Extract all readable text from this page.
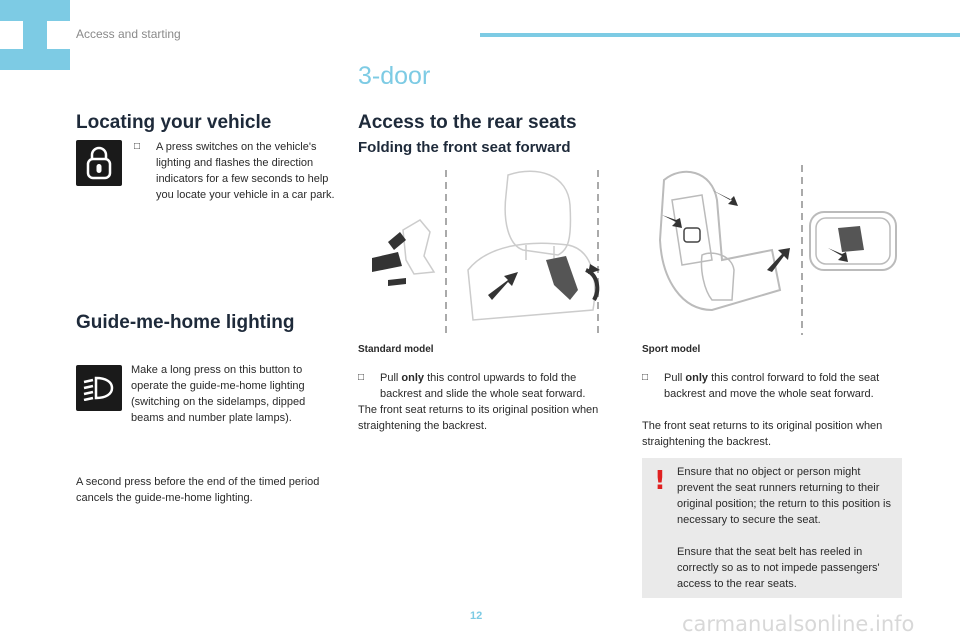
Access and starting
3-door
Locating your vehicle
□	A press switches on the vehicle's lighting and flashes the direction indicators for a few seconds to help you locate your vehicle in a car park.
Guide-me-home lighting
Make a long press on this button to operate the guide-me-home lighting (switching on the sidelamps, dipped beams and number plate lamps).
A second press before the end of the timed period cancels the guide-me-home lighting.
Access to the rear seats
Folding the front seat forward
Standard model
□	Pull only this control upwards to fold the backrest and slide the whole seat forward.
The front seat returns to its original position when straightening the backrest.
Sport model
□	Pull only this control forward to fold the seat backrest and move the whole seat forward.
The front seat returns to its original position when straightening the backrest.
! Ensure that no object or person might prevent the seat runners returning to their original position; the return to this position is necessary to secure the seat.
Ensure that the seat belt has reeled in correctly so as to not impede passengers' access to the rear seats.
12	carmanualsonline.info
